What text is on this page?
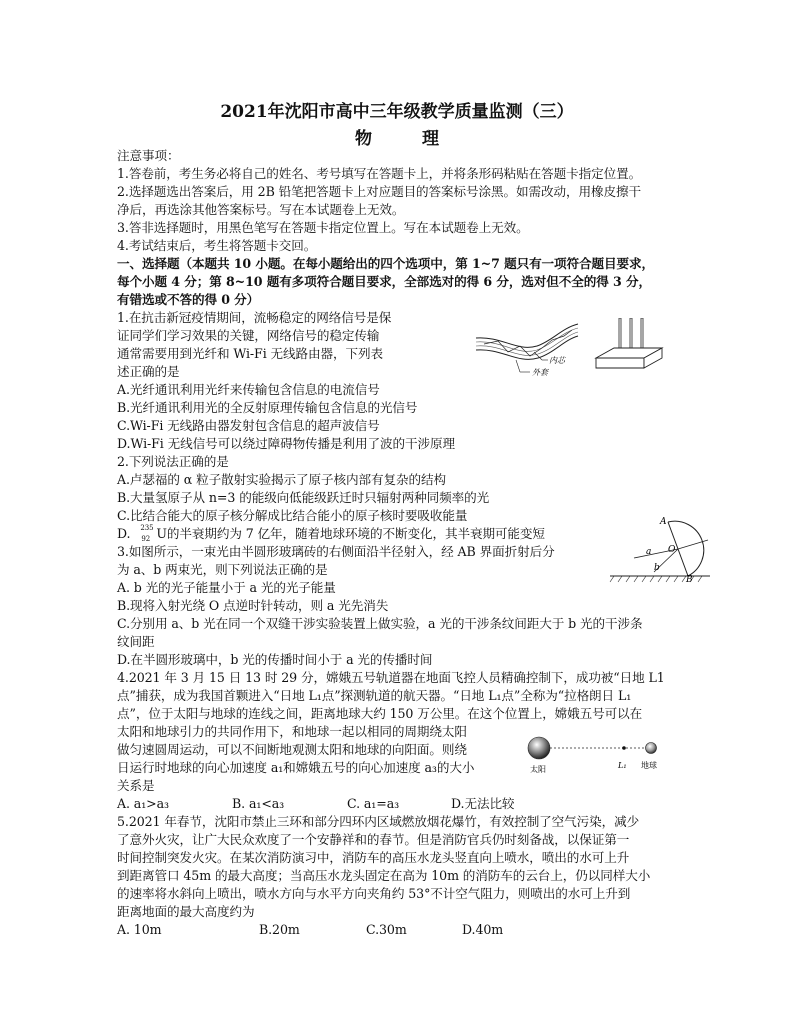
2021年沈阳市高中三年级教学质量监测（三）
物 理
注意事项：
1.答卷前，考生务必将自己的姓名、考号填写在答题卡上，并将条形码粘贴在答题卡指定位置。
2.选择题选出答案后，用 2B 铅笔把答题卡上对应题目的答案标号涂黑。如需改动，用橡皮擦干
净后，再选涂其他答案标号。写在本试题卷上无效。
3.答非选择题时，用黑色笔写在答题卡指定位置上。写在本试题卷上无效。
4.考试结束后，考生将答题卡交回。
一、选择题（本题共 10 小题。在每小题给出的四个选项中，第 1~7 题只有一项符合题目要求，
每个小题 4 分；第 8~10 题有多项符合题目要求，全部选对的得 6 分，选对但不全的得 3 分，
有错选或不答的得 0 分）
1.在抗击新冠疫情期间，流畅稳定的网络信号是保
证同学们学习效果的关键，网络信号的稳定传输
通常需要用到光纤和 Wi-Fi 无线路由器，下列表
述正确的是
A.光纤通讯利用光纤来传输包含信息的电流信号
B.光纤通讯利用光的全反射原理传输包含信息的光信号
C.Wi-Fi 无线路由器发射包含信息的超声波信号
D.Wi-Fi 无线信号可以绕过障碍物传播是利用了波的干涉原理
内芯
外套
2.下列说法正确的是
A.卢瑟福的 α 粒子散射实验揭示了原子核内部有复杂的结构
B.大量氢原子从 n=3 的能级向低能级跃迁时只辐射两种同频率的光
C.比结合能大的原子核分解成比结合能小的原子核时要吸收能量
D. 235
92 U的半衰期约为 7 亿年，随着地球环境的不断变化，其半衰期可能变短
3.如图所示，一束光由半圆形玻璃砖的右侧面沿半径射入，经 AB 界面折射后分
为 a、b 两束光，则下列说法正确的是
A. b 光的光子能量小于 a 光的光子能量
B.现将入射光绕 O 点逆时针转动，则 a 光先消失
C.分别用 a、b 光在同一个双缝干涉实验装置上做实验，a 光的干涉条纹间距大于 b 光的干涉条
纹间距
D.在半圆形玻璃中，b 光的传播时间小于 a 光的传播时间
A
B
O
a
b
4.2021 年 3 月 15 日 13 时 29 分，嫦娥五号轨道器在地面飞控人员精确控制下，成功被“日地 L1
点”捕获，成为我国首颗进入“日地 L₁点”探测轨道的航天器。“日地 L₁点”全称为“拉格朗日 L₁
点”，位于太阳与地球的连线之间，距离地球大约 150 万公里。在这个位置上，嫦娥五号可以在
太阳和地球引力的共同作用下，和地球一起以相同的周期绕太阳
做匀速圆周运动，可以不间断地观测太阳和地球的向阳面。则绕
日运行时地球的向心加速度 a₁和嫦娥五号的向心加速度 a₃的大小
关系是
A. a₁>a₃	B. a₁<a₃	C. a₁=a₃	D.无法比较
太阳	L₁ 地球
5.2021 年春节，沈阳市禁止三环和部分四环内区域燃放烟花爆竹，有效控制了空气污染，减少
了意外火灾，让广大民众欢度了一个安静祥和的春节。但是消防官兵仍时刻备战，以保证第一
时间控制突发火灾。在某次消防演习中，消防车的高压水龙头竖直向上喷水，喷出的水可上升
到距离管口 45m 的最大高度；当高压水龙头固定在高为 10m 的消防车的云台上，仍以同样大小
的速率将水斜向上喷出，喷水方向与水平方向夹角约 53°不计空气阻力，则喷出的水可上升到
距离地面的最大高度约为
A. 10m	B.20m	C.30m	D.40m
